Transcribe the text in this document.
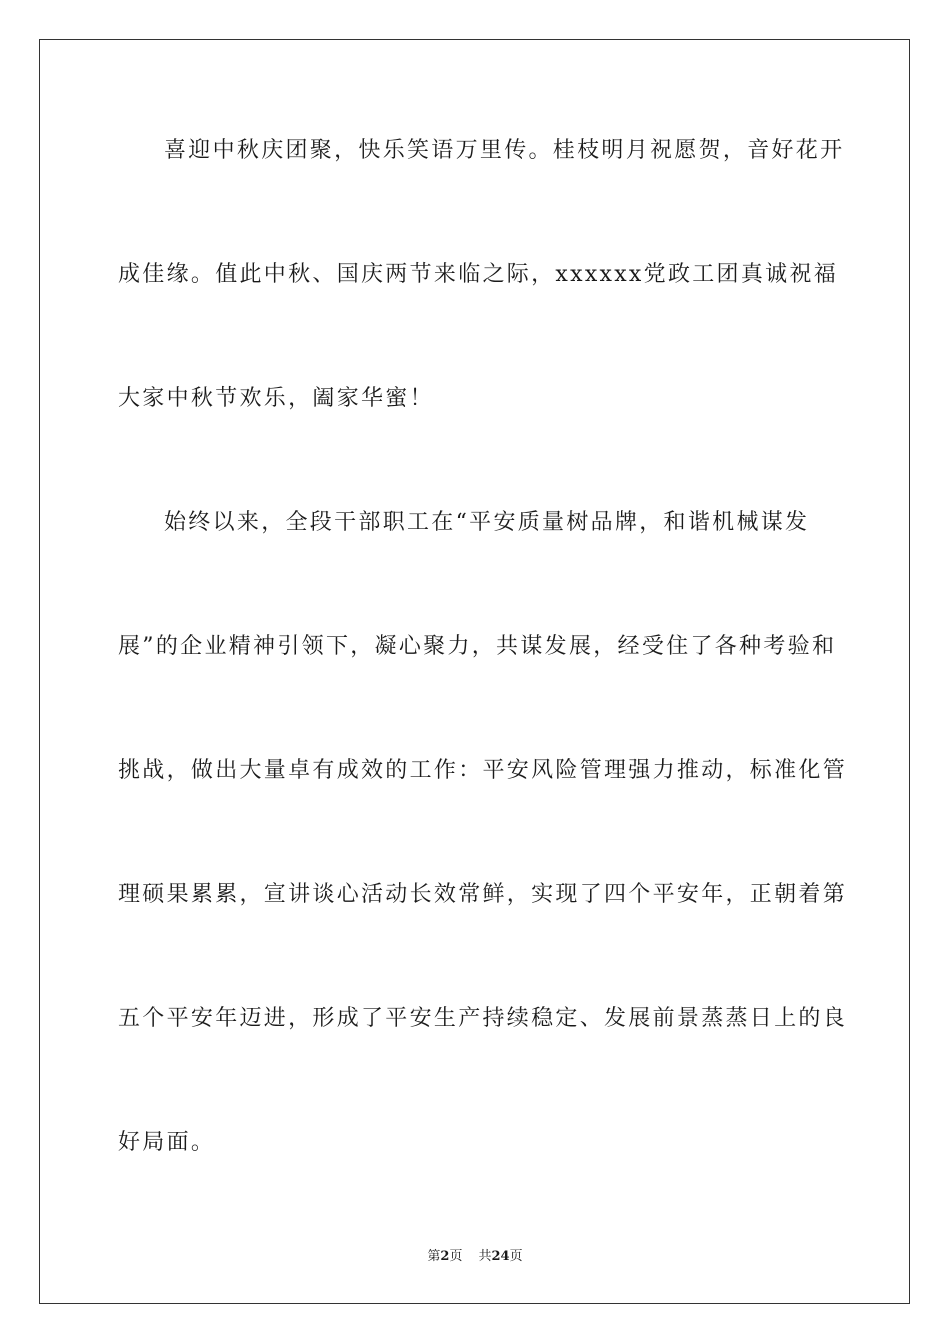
喜迎中秋庆团聚，快乐笑语万里传。桂枝明月祝愿贺，音好花开
成佳缘。值此中秋、国庆两节来临之际，xxxxxx党政工团真诚祝福
大家中秋节欢乐，阖家华蜜！
始终以来，全段干部职工在“平安质量树品牌，和谐机械谋发
展”的企业精神引领下，凝心聚力，共谋发展，经受住了各种考验和
挑战，做出大量卓有成效的工作：平安风险管理强力推动，标准化管
理硕果累累，宣讲谈心活动长效常鲜，实现了四个平安年，正朝着第
五个平安年迈进，形成了平安生产持续稳定、发展前景蒸蒸日上的良
好局面。
第2页 共24页
